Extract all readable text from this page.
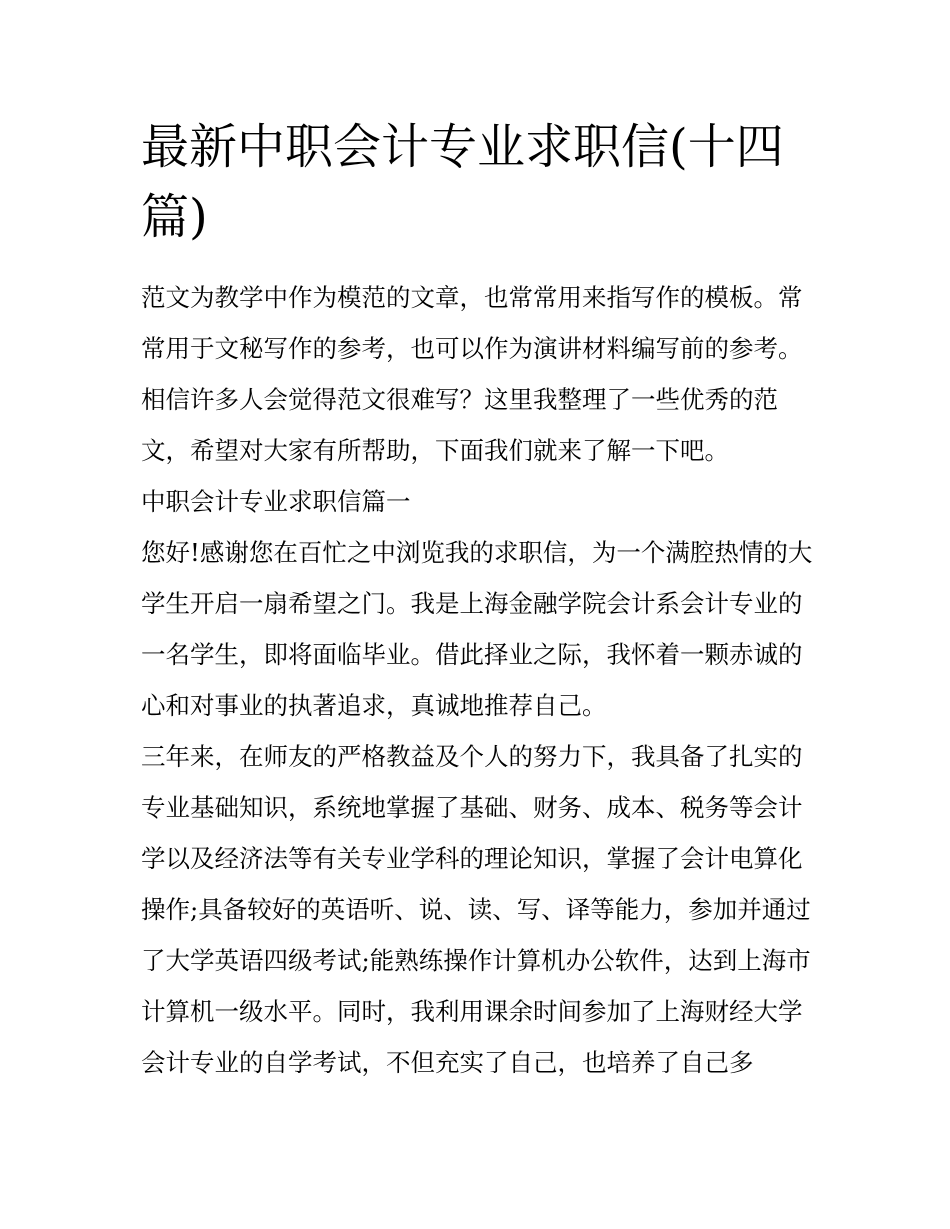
最新中职会计专业求职信(十四篇)

范文为教学中作为模范的文章，也常常用来指写作的模板。常常用于文秘写作的参考，也可以作为演讲材料编写前的参考。相信许多人会觉得范文很难写？这里我整理了一些优秀的范文，希望对大家有所帮助，下面我们就来了解一下吧。

中职会计专业求职信篇一

您好!感谢您在百忙之中浏览我的求职信，为一个满腔热情的大学生开启一扇希望之门。我是上海金融学院会计系会计专业的一名学生，即将面临毕业。借此择业之际，我怀着一颗赤诚的心和对事业的执著追求，真诚地推荐自己。

三年来，在师友的严格教益及个人的努力下，我具备了扎实的专业基础知识，系统地掌握了基础、财务、成本、税务等会计学以及经济法等有关专业学科的理论知识，掌握了会计电算化操作;具备较好的英语听、说、读、写、译等能力，参加并通过了大学英语四级考试;能熟练操作计算机办公软件，达到上海市计算机一级水平。同时，我利用课余时间参加了上海财经大学会计专业的自学考试，不但充实了自己，也培养了自己多
